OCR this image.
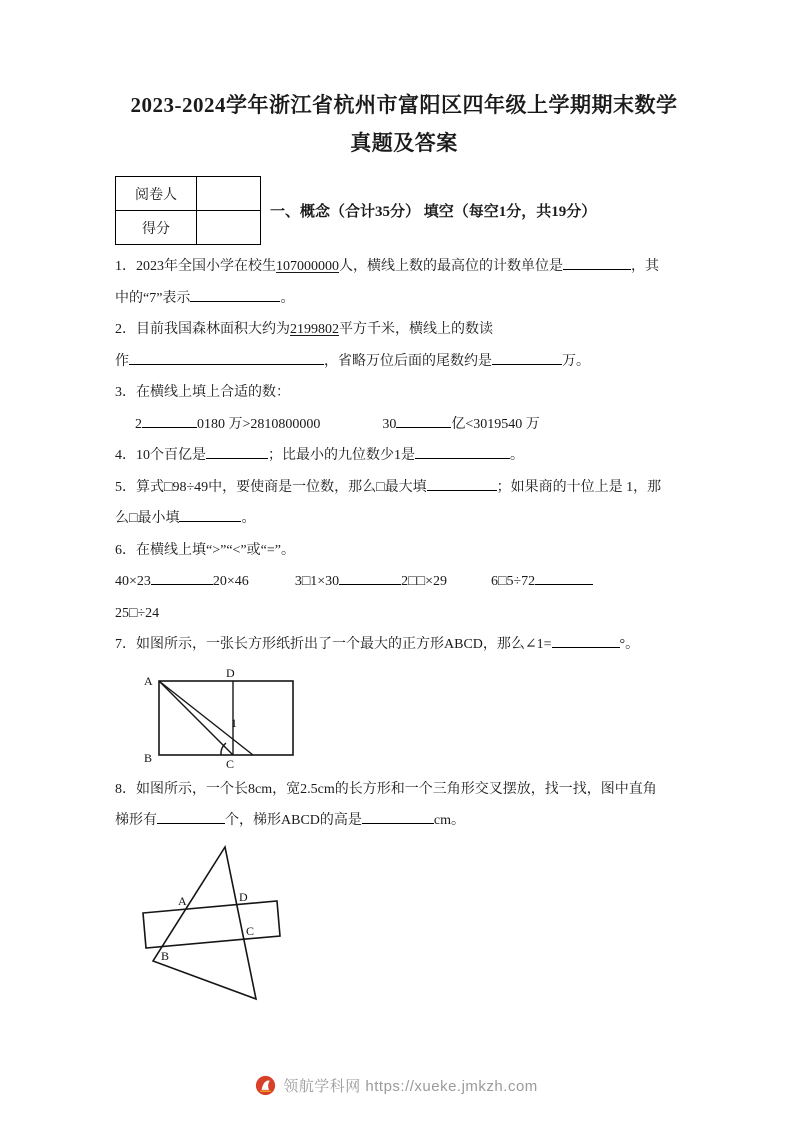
2023-2024学年浙江省杭州市富阳区四年级上学期期末数学
真题及答案
阅卷人	
得分	
一、概念（合计35分） 填空（每空1分，共19分）

1．2023年全国小学在校生107000000人，横线上数的最高位的计数单位是	，其
中的“7”表示	。

2．目前我国森林面积大约为2199802平方千米，横线上的数读
作	，省略万位后面的尾数约是	万。

3．在横线上填上合适的数：

2	0180 万>2810800000	30	亿<3019540 万

4．10个百亿是	；比最小的九位数少1是	。

5．算式□98÷49中，要使商是一位数，那么□最大填	；如果商的十位上是 1，那
么□最小填	。

6．在横线上填“>”“<”或“=”。
40×23	20×46	3□1×30	2□□×29	6□5÷72
25□÷24

7．如图所示，一张长方形纸折出了一个最大的正方形ABCD，那么∠1=	°。

A
D
B	C
1

8．如图所示，一个长8cm，宽2.5cm的长方形和一个三角形交叉摆放，找一找，图中直角
梯形有	个，梯形ABCD的高是	cm。

A	D
B
C
领航学科网 https://xueke.jmkzh.com
